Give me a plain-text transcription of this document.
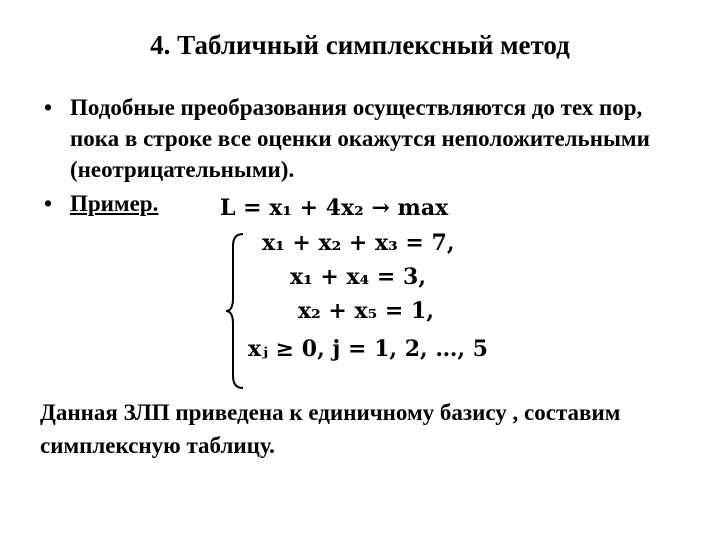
4. Табличный симплексный метод
• Подобные преобразования осуществляются до тех пор, пока в строке все оценки окажутся неположительными (неотрицательными).
• Пример.	L = x₁ + 4x₂ → max
x₁ + x₂ + x₃ = 7,
x₁ + x₄ = 3,
x₂ + x₅ = 1,
xⱼ ≥ 0, j = 1, 2, …, 5
Данная ЗЛП приведена к единичному базису , составим симплексную таблицу.
